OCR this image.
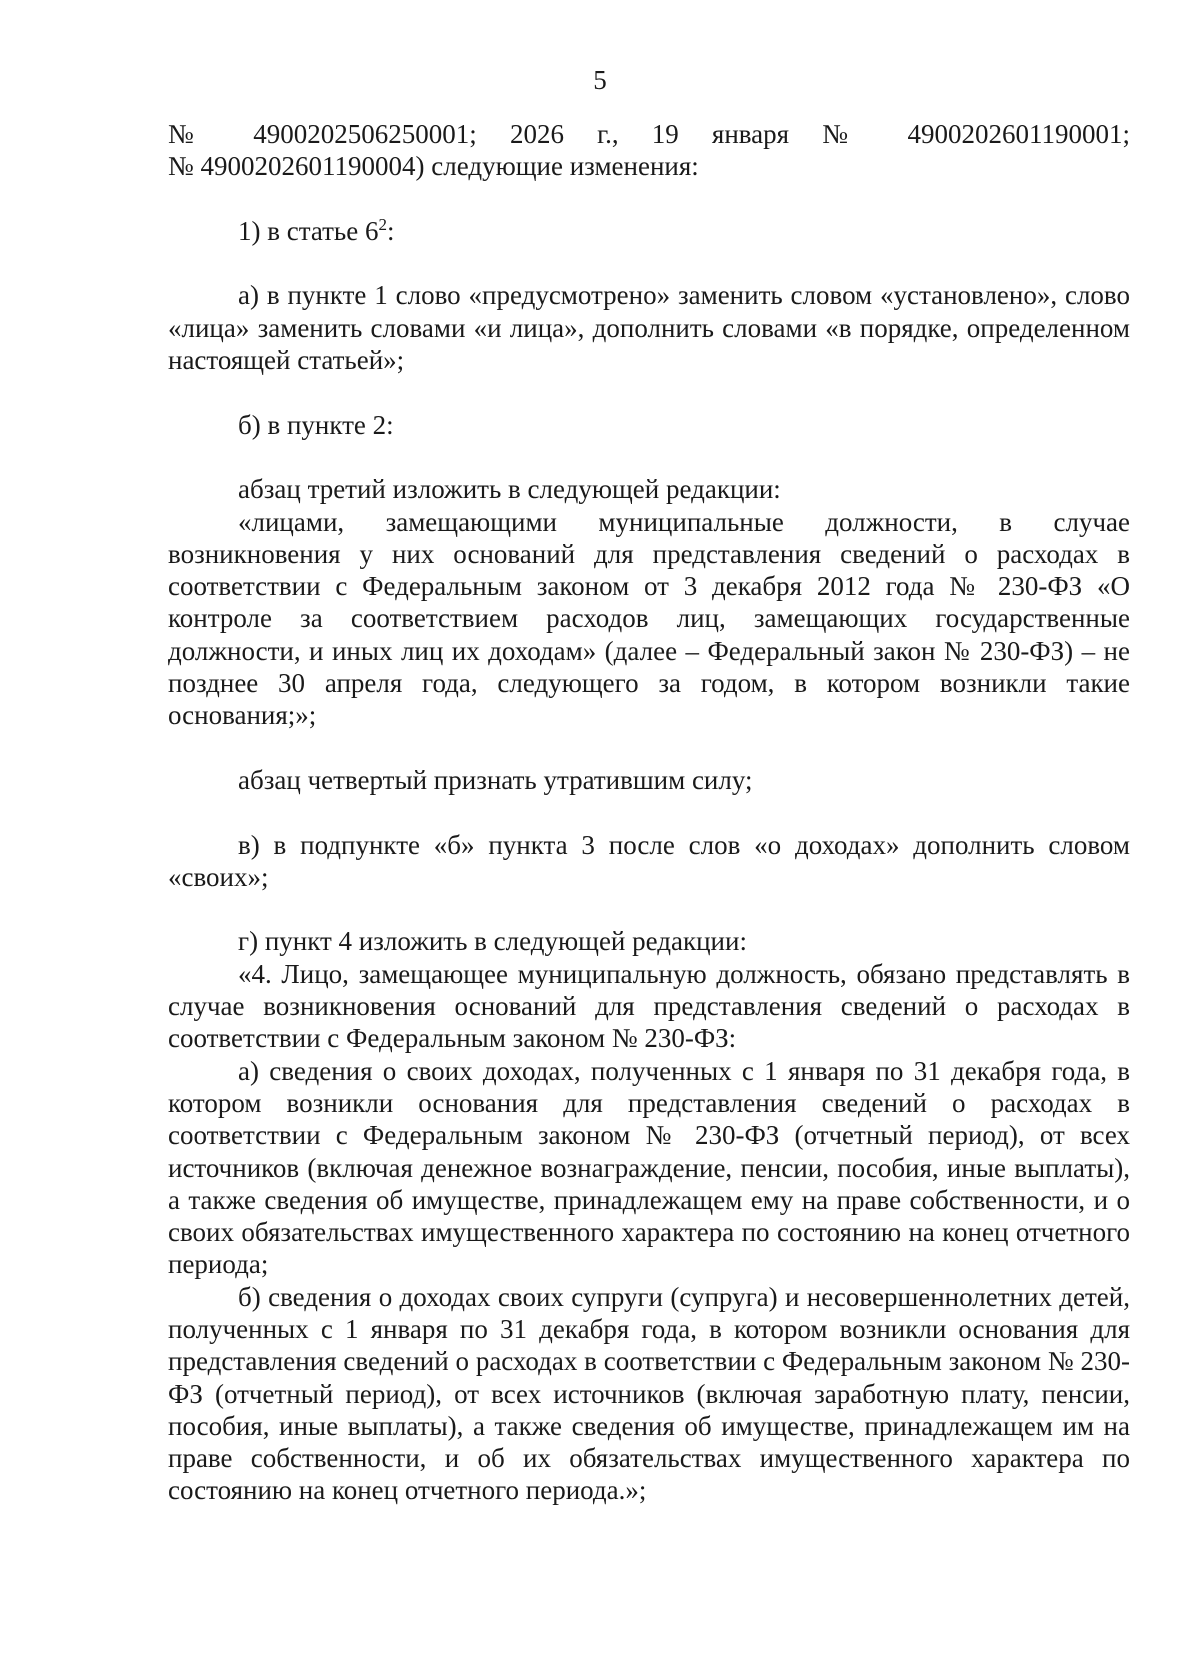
5

№ 4900202506250001; 2026 г., 19 января № 4900202601190001;

№ 4900202601190004) следующие изменения:

1) в статье $6^2$:

а) в пункте 1 слово «предусмотрено» заменить словом «установлено», слово «лица» заменить словами «и лица», дополнить словами «в порядке, определенном настоящей статьей»;

б) в пункте 2:

абзац третий изложить в следующей редакции:

«лицами, замещающими муниципальные должности, в случае возникновения у них оснований для представления сведений о расходах в соответствии с Федеральным законом от 3 декабря 2012 года № 230-ФЗ «О контроле за соответствием расходов лиц, замещающих государственные должности, и иных лиц их доходам» (далее – Федеральный закон № 230-ФЗ) – не позднее 30 апреля года, следующего за годом, в котором возникли такие основания;»;

абзац четвертый признать утратившим силу;

в) в подпункте «б» пункта 3 после слов «о доходах» дополнить словом «своих»;

г) пункт 4 изложить в следующей редакции:

«4. Лицо, замещающее муниципальную должность, обязано представлять в случае возникновения оснований для представления сведений о расходах в соответствии с Федеральным законом № 230-ФЗ:

а) сведения о своих доходах, полученных с 1 января по 31 декабря года, в котором возникли основания для представления сведений о расходах в соответствии с Федеральным законом № 230-ФЗ (отчетный период), от всех источников (включая денежное вознаграждение, пенсии, пособия, иные выплаты), а также сведения об имуществе, принадлежащем ему на праве собственности, и о своих обязательствах имущественного характера по состоянию на конец отчетного периода;

б) сведения о доходах своих супруги (супруга) и несовершеннолетних детей, полученных с 1 января по 31 декабря года, в котором возникли основания для представления сведений о расходах в соответствии с Федеральным законом № 230-ФЗ (отчетный период), от всех источников (включая заработную плату, пенсии, пособия, иные выплаты), а также сведения об имуществе, принадлежащем им на праве собственности, и об их обязательствах имущественного характера по состоянию на конец отчетного периода.»;
